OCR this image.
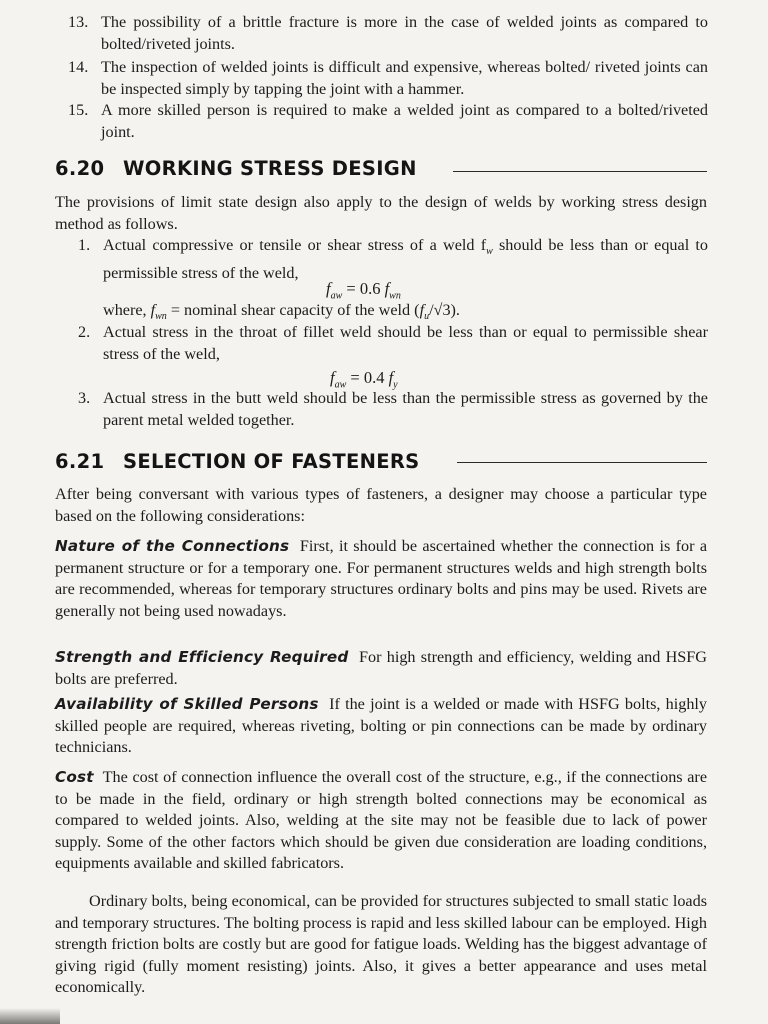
13. The possibility of a brittle fracture is more in the case of welded joints as compared to bolted/riveted joints.
14. The inspection of welded joints is difficult and expensive, whereas bolted/ riveted joints can be inspected simply by tapping the joint with a hammer.
15. A more skilled person is required to make a welded joint as compared to a bolted/riveted joint.
6.20 WORKING STRESS DESIGN
The provisions of limit state design also apply to the design of welds by working stress design method as follows.
1. Actual compressive or tensile or shear stress of a weld $f_w$ should be less than or equal to permissible stress of the weld,
$f_{aw} = 0.6$ $f_{wn}$
where, $f_{wn}$ = nominal shear capacity of the weld $(f_u/√3)$.
2. Actual stress in the throat of fillet weld should be less than or equal to permissible shear stress of the weld,
$f_{aw} = 0.4$ $f_y$
3. Actual stress in the butt weld should be less than the permissible stress as governed by the parent metal welded together.
6.21 SELECTION OF FASTENERS
After being conversant with various types of fasteners, a designer may choose a particular type based on the following considerations:
Nature of the Connections First, it should be ascertained whether the connection is for a permanent structure or for a temporary one. For permanent structures welds and high strength bolts are recommended, whereas for temporary structures ordinary bolts and pins may be used. Rivets are generally not being used nowadays.
Strength and Efficiency Required For high strength and efficiency, welding and HSFG bolts are preferred.
Availability of Skilled Persons If the joint is a welded or made with HSFG bolts, highly skilled people are required, whereas riveting, bolting or pin connections can be made by ordinary technicians.
Cost The cost of connection influence the overall cost of the structure, e.g., if the connections are to be made in the field, ordinary or high strength bolted connections may be economical as compared to welded joints. Also, welding at the site may not be feasible due to lack of power supply. Some of the other factors which should be given due consideration are loading conditions, equipments available and skilled fabricators.
Ordinary bolts, being economical, can be provided for structures subjected to small static loads and temporary structures. The bolting process is rapid and less skilled labour can be employed. High strength friction bolts are costly but are good for fatigue loads. Welding has the biggest advantage of giving rigid (fully moment resisting) joints. Also, it gives a better appearance and uses metal economically.
